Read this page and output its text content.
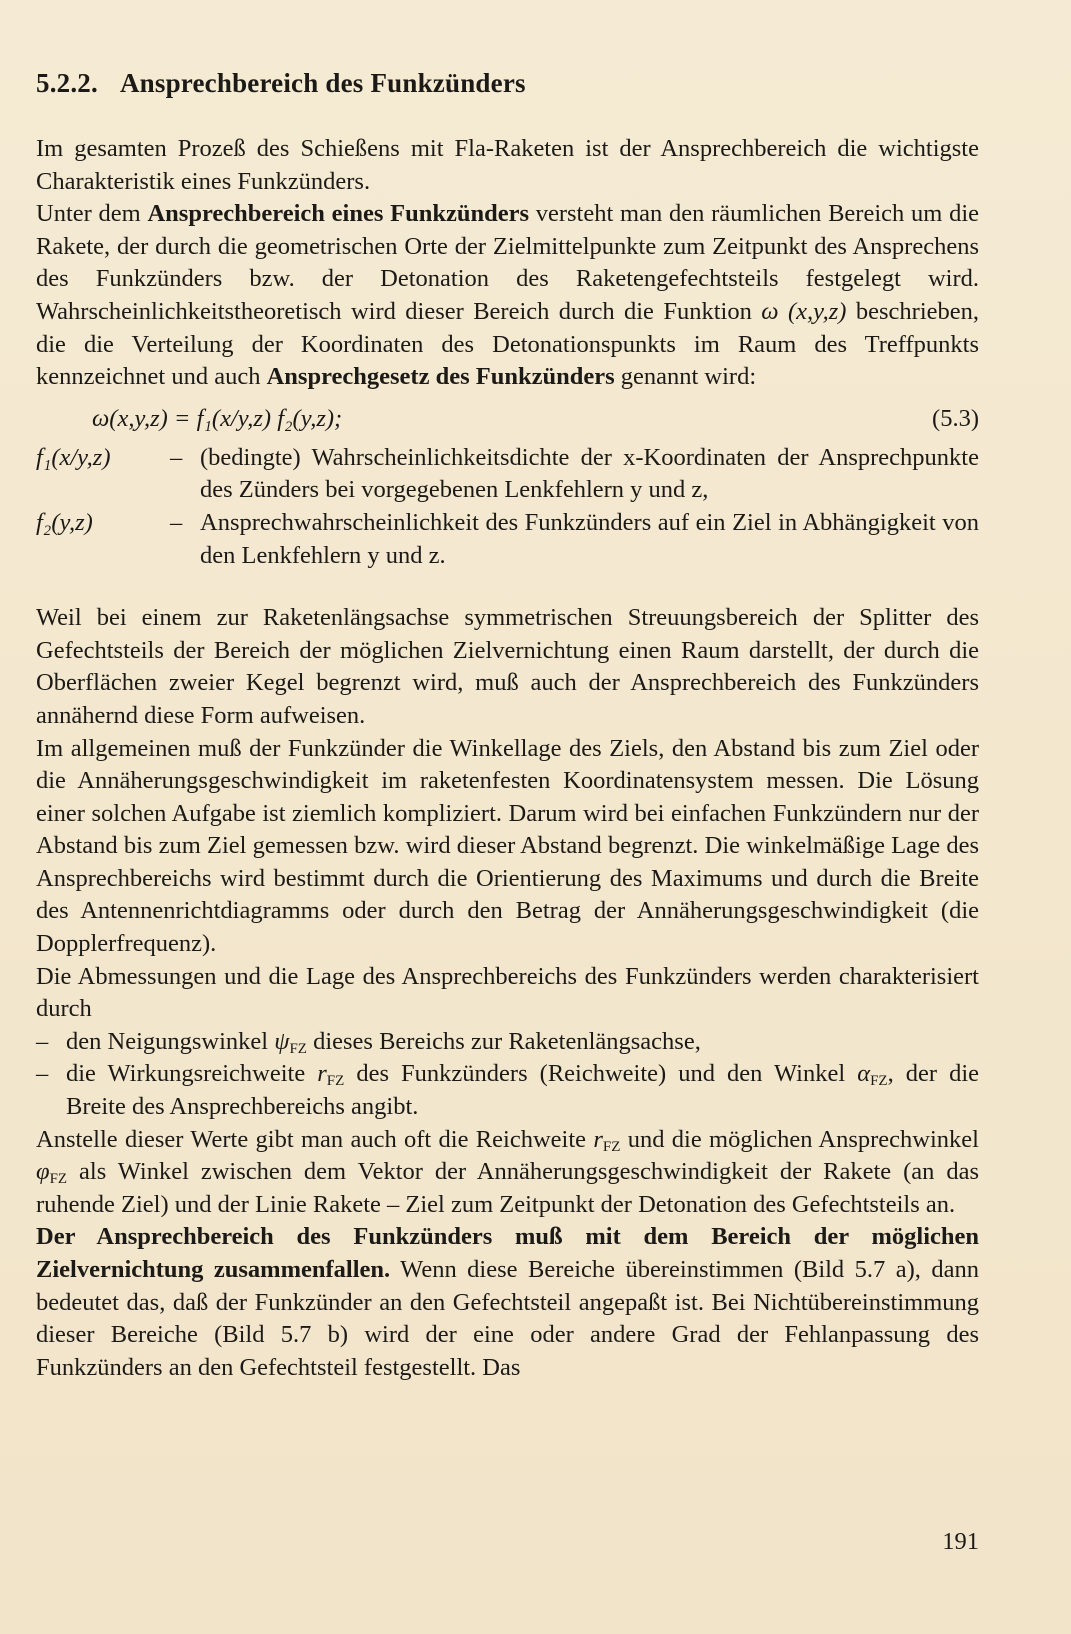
5.2.2. Ansprechbereich des Funkzünders

Im gesamten Prozeß des Schießens mit Fla-Raketen ist der Ansprechbereich die wichtigste Charakteristik eines Funkzünders.

Unter dem Ansprechbereich eines Funkzünders versteht man den räumlichen Bereich um die Rakete, der durch die geometrischen Orte der Zielmittelpunkte zum Zeitpunkt des Ansprechens des Funkzünders bzw. der Detonation des Raketengefechtsteils festgelegt wird. Wahrscheinlichkeitstheoretisch wird dieser Bereich durch die Funktion ω (x,y,z) beschrieben, die die Verteilung der Koordinaten des Detonationspunkts im Raum des Treffpunkts kennzeichnet und auch Ansprechgesetz des Funkzünders genannt wird:

ω(x,y,z) = f₁(x/y,z) f₂(y,z);	(5.3)
f₁(x/y,z)	– (bedingte) Wahrscheinlichkeitsdichte der x-Koordinaten der Ansprechpunkte des Zünders bei vorgegebenen Lenkfehlern y und z,
f₂(y,z)	– Ansprechwahrscheinlichkeit des Funkzünders auf ein Ziel in Abhängigkeit von den Lenkfehlern y und z.

Weil bei einem zur Raketenlängsachse symmetrischen Streuungsbereich der Splitter des Gefechtsteils der Bereich der möglichen Zielvernichtung einen Raum darstellt, der durch die Oberflächen zweier Kegel begrenzt wird, muß auch der Ansprechbereich des Funkzünders annähernd diese Form aufweisen.

Im allgemeinen muß der Funkzünder die Winkellage des Ziels, den Abstand bis zum Ziel oder die Annäherungsgeschwindigkeit im raketenfesten Koordinatensystem messen. Die Lösung einer solchen Aufgabe ist ziemlich kompliziert. Darum wird bei einfachen Funkzündern nur der Abstand bis zum Ziel gemessen bzw. wird dieser Abstand begrenzt. Die winkelmäßige Lage des Ansprechbereichs wird bestimmt durch die Orientierung des Maximums und durch die Breite des Antennenrichtdiagramms oder durch den Betrag der Annäherungsgeschwindigkeit (die Dopplerfrequenz).

Die Abmessungen und die Lage des Ansprechbereichs des Funkzünders werden charakterisiert durch

– den Neigungswinkel $\psi_{FZ}$ dieses Bereichs zur Raketenlängsachse,
– die Wirkungsreichweite $r_{FZ}$ des Funkzünders (Reichweite) und den Winkel $\alpha_{FZ}$, der die Breite des Ansprechbereichs angibt.

Anstelle dieser Werte gibt man auch oft die Reichweite $r_{FZ}$ und die möglichen Ansprechwinkel $\varphi_{FZ}$ als Winkel zwischen dem Vektor der Annäherungsgeschwindigkeit der Rakete (an das ruhende Ziel) und der Linie Rakete – Ziel zum Zeitpunkt der Detonation des Gefechtsteils an.

Der Ansprechbereich des Funkzünders muß mit dem Bereich der möglichen Zielvernichtung zusammenfallen. Wenn diese Bereiche übereinstimmen (Bild 5.7 a), dann bedeutet das, daß der Funkzünder an den Gefechtsteil angepaßt ist. Bei Nichtübereinstimmung dieser Bereiche (Bild 5.7 b) wird der eine oder andere Grad der Fehlanpassung des Funkzünders an den Gefechtsteil festgestellt. Das

191
